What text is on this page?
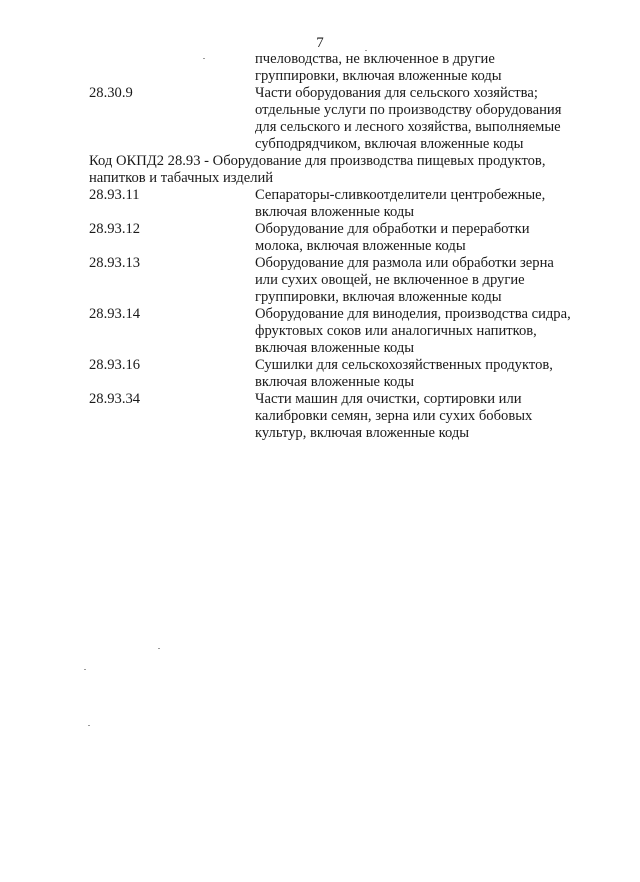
7
пчеловодства, не включенное в другие
группировки, включая вложенные коды
28.30.9	Части оборудования для сельского хозяйства;
отдельные услуги по производству оборудования
для сельского и лесного хозяйства, выполняемые
субподрядчиком, включая вложенные коды
Код ОКПД2 28.93 - Оборудование для производства пищевых продуктов,
напитков и табачных изделий
28.93.11	Сепараторы-сливкоотделители центробежные,
включая вложенные коды
28.93.12	Оборудование для обработки и переработки
молока, включая вложенные коды
28.93.13	Оборудование для размола или обработки зерна
или сухих овощей, не включенное в другие
группировки, включая вложенные коды
28.93.14	Оборудование для виноделия, производства сидра,
фруктовых соков или аналогичных напитков,
включая вложенные коды
28.93.16	Сушилки для сельскохозяйственных продуктов,
включая вложенные коды
28.93.34	Части машин для очистки, сортировки или
калибровки семян, зерна или сухих бобовых
культур, включая вложенные коды
